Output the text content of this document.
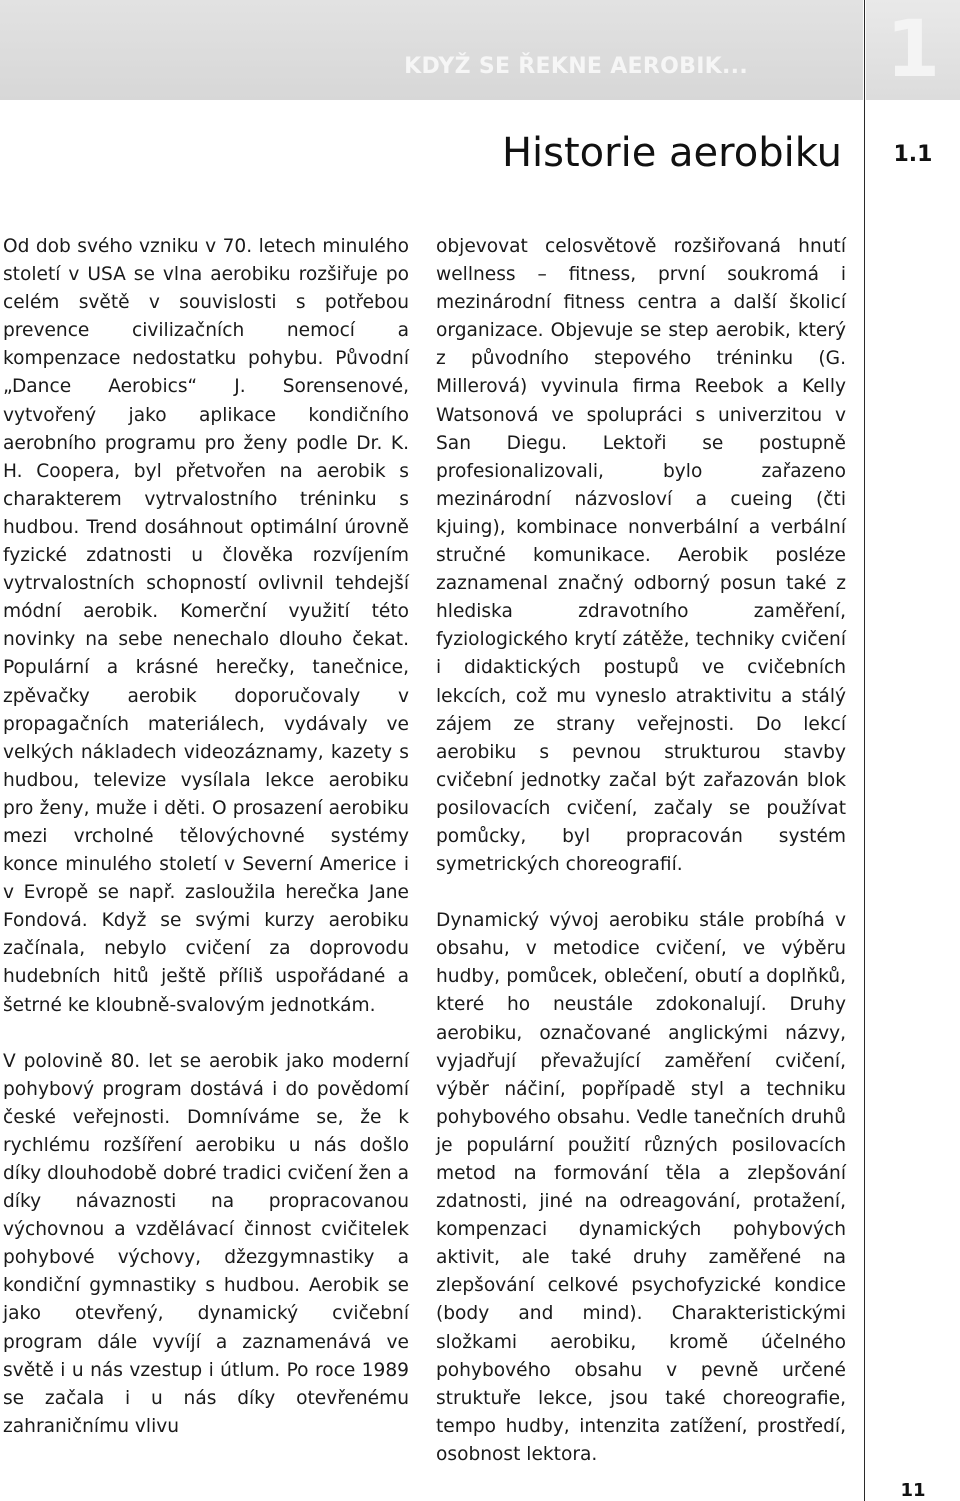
KDYŽ SE ŘEKNE AEROBIK... 1
Historie aerobiku	1.1

Od dob svého vzniku v 70. letech minulého století v USA se vlna aerobiku rozšiřuje po celém světě v souvislosti s potřebou prevence civilizačních nemocí a kompenzace nedostatku pohybu. Původní „Dance Aerobics“ J. Sorensenové, vytvořený jako aplikace kondičního aerobního programu pro ženy podle Dr. K. H. Coopera, byl přetvořen na aerobik s charakterem vytrvalostního tréninku s hudbou. Trend dosáhnout optimální úrovně fyzické zdatnosti u člověka rozvíjením vytrvalostních schopností ovlivnil tehdejší módní aerobik. Komerční využití této novinky na sebe nenechalo dlouho čekat. Populární a krásné herečky, tanečnice, zpěvačky aerobik doporučovaly v propagačních materiálech, vydávaly ve velkých nákladech videozáznamy, kazety s hudbou, televize vysílala lekce aerobiku pro ženy, muže i děti. O prosazení aerobiku mezi vrcholné tělovýchovné systémy konce minulého století v Severní Americe i v Evropě se např. zasloužila herečka Jane Fondová. Když se svými kurzy aerobiku začínala, nebylo cvičení za doprovodu hudebních hitů ještě příliš uspořádané a šetrné ke kloubně-svalovým jednotkám.

V polovině 80. let se aerobik jako moderní pohybový program dostává i do povědomí české veřejnosti. Domníváme se, že k rychlému rozšíření aerobiku u nás došlo díky dlouhodobě dobré tradici cvičení žen a díky návaznosti na propracovanou výchovnou a vzdělávací činnost cvičitelek pohybové výchovy, džezgymnastiky a kondiční gymnastiky s hudbou. Aerobik se jako otevřený, dynamický cvičební program dále vyvíjí a zaznamenává ve světě i u nás vzestup i útlum. Po roce 1989 se začala i u nás díky otevřenému zahraničnímu vlivu

objevovat celosvětově rozšiřovaná hnutí wellness – fitness, první soukromá i mezinárodní fitness centra a další školicí organizace. Objevuje se step aerobik, který z původního stepového tréninku (G. Millerová) vyvinula firma Reebok a Kelly Watsonová ve spolupráci s univerzitou v San Diegu. Lektoři se postupně profesionalizovali, bylo zařazeno mezinárodní názvosloví a cueing (čti kjuing), kombinace nonverbální a verbální stručné komunikace. Aerobik posléze zaznamenal značný odborný posun také z hlediska zdravotního zaměření, fyziologického krytí zátěže, techniky cvičení i didaktických postupů ve cvičebních lekcích, což mu vyneslo atraktivitu a stálý zájem ze strany veřejnosti. Do lekcí aerobiku s pevnou strukturou stavby cvičební jednotky začal být zařazován blok posilovacích cvičení, začaly se používat pomůcky, byl propracován systém symetrických choreografií.

Dynamický vývoj aerobiku stále probíhá v obsahu, v metodice cvičení, ve výběru hudby, pomůcek, oblečení, obutí a doplňků, které ho neustále zdokonalují. Druhy aerobiku, označované anglickými názvy, vyjadřují převažující zaměření cvičení, výběr náčiní, popřípadě styl a techniku pohybového obsahu. Vedle tanečních druhů je populární použití různých posilovacích metod na formování těla a zlepšování zdatnosti, jiné na odreagování, protažení, kompenzaci dynamických pohybových aktivit, ale také druhy zaměřené na zlepšování celkové psychofyzické kondice (body and mind). Charakteristickými složkami aerobiku, kromě účelného pohybového obsahu v pevně určené struktuře lekce, jsou také choreografie, tempo hudby, intenzita zatížení, prostředí, osobnost lektora.

11
